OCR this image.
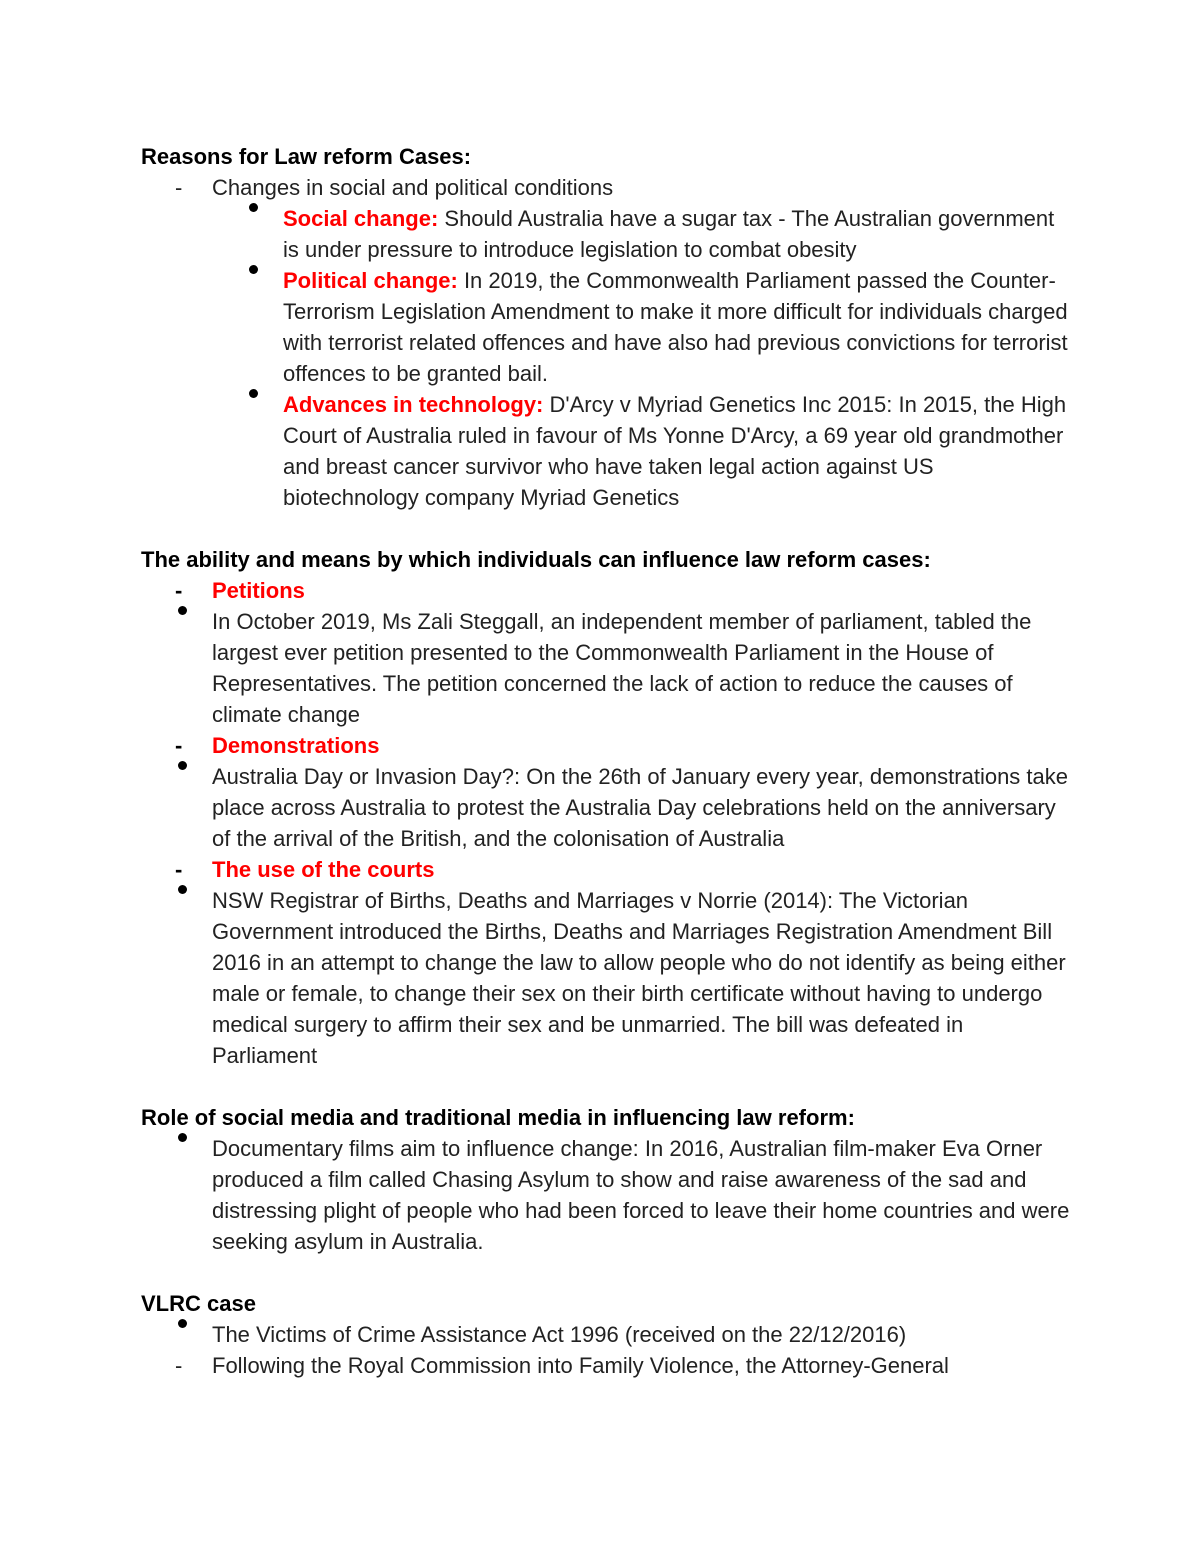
Reasons for Law reform Cases:

- Changes in social and political conditions
Social change: Should Australia have a sugar tax - The Australian government is under pressure to introduce legislation to combat obesity
Political change: In 2019, the Commonwealth Parliament passed the Counter-Terrorism Legislation Amendment to make it more difficult for individuals charged with terrorist related offences and have also had previous convictions for terrorist offences to be granted bail.
Advances in technology: D'Arcy v Myriad Genetics Inc 2015: In 2015, the High Court of Australia ruled in favour of Ms Yonne D'Arcy, a 69 year old grandmother and breast cancer survivor who have taken legal action against US biotechnology company Myriad Genetics

The ability and means by which individuals can influence law reform cases:

- Petitions
In October 2019, Ms Zali Steggall, an independent member of parliament, tabled the largest ever petition presented to the Commonwealth Parliament in the House of Representatives. The petition concerned the lack of action to reduce the causes of climate change
- Demonstrations
Australia Day or Invasion Day?: On the 26th of January every year, demonstrations take place across Australia to protest the Australia Day celebrations held on the anniversary of the arrival of the British, and the colonisation of Australia
- The use of the courts
NSW Registrar of Births, Deaths and Marriages v Norrie (2014): The Victorian Government introduced the Births, Deaths and Marriages Registration Amendment Bill 2016 in an attempt to change the law to allow people who do not identify as being either male or female, to change their sex on their birth certificate without having to undergo medical surgery to affirm their sex and be unmarried. The bill was defeated in Parliament

Role of social media and traditional media in influencing law reform:

Documentary films aim to influence change: In 2016, Australian film-maker Eva Orner produced a film called Chasing Asylum to show and raise awareness of the sad and distressing plight of people who had been forced to leave their home countries and were seeking asylum in Australia.

VLRC case

The Victims of Crime Assistance Act 1996 (received on the 22/12/2016)
- Following the Royal Commission into Family Violence, the Attorney-General
